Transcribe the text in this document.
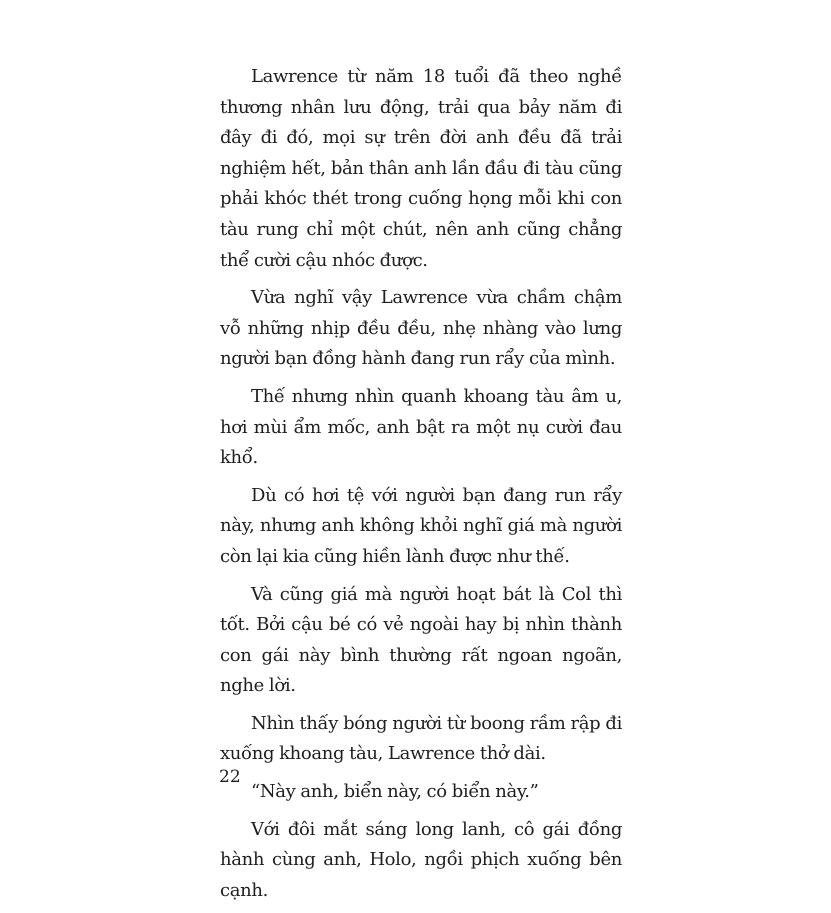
Lawrence từ năm 18 tuổi đã theo nghề thương nhân lưu động, trải qua bảy năm đi đây đi đó, mọi sự trên đời anh đều đã trải nghiệm hết, bản thân anh lần đầu đi tàu cũng phải khóc thét trong cuống họng mỗi khi con tàu rung chỉ một chút, nên anh cũng chẳng thể cười cậu nhóc được.

Vừa nghĩ vậy Lawrence vừa chầm chậm vỗ những nhịp đều đều, nhẹ nhàng vào lưng người bạn đồng hành đang run rẩy của mình.

Thế nhưng nhìn quanh khoang tàu âm u, hơi mùi ẩm mốc, anh bật ra một nụ cười đau khổ.

Dù có hơi tệ với người bạn đang run rẩy này, nhưng anh không khỏi nghĩ giá mà người còn lại kia cũng hiền lành được như thế.

Và cũng giá mà người hoạt bát là Col thì tốt. Bởi cậu bé có vẻ ngoài hay bị nhìn thành con gái này bình thường rất ngoan ngoãn, nghe lời.

Nhìn thấy bóng người từ boong rầm rập đi xuống khoang tàu, Lawrence thở dài.

“Này anh, biển này, có biển này.”

Với đôi mắt sáng long lanh, cô gái đồng hành cùng anh, Holo, ngồi phịch xuống bên cạnh.

22
